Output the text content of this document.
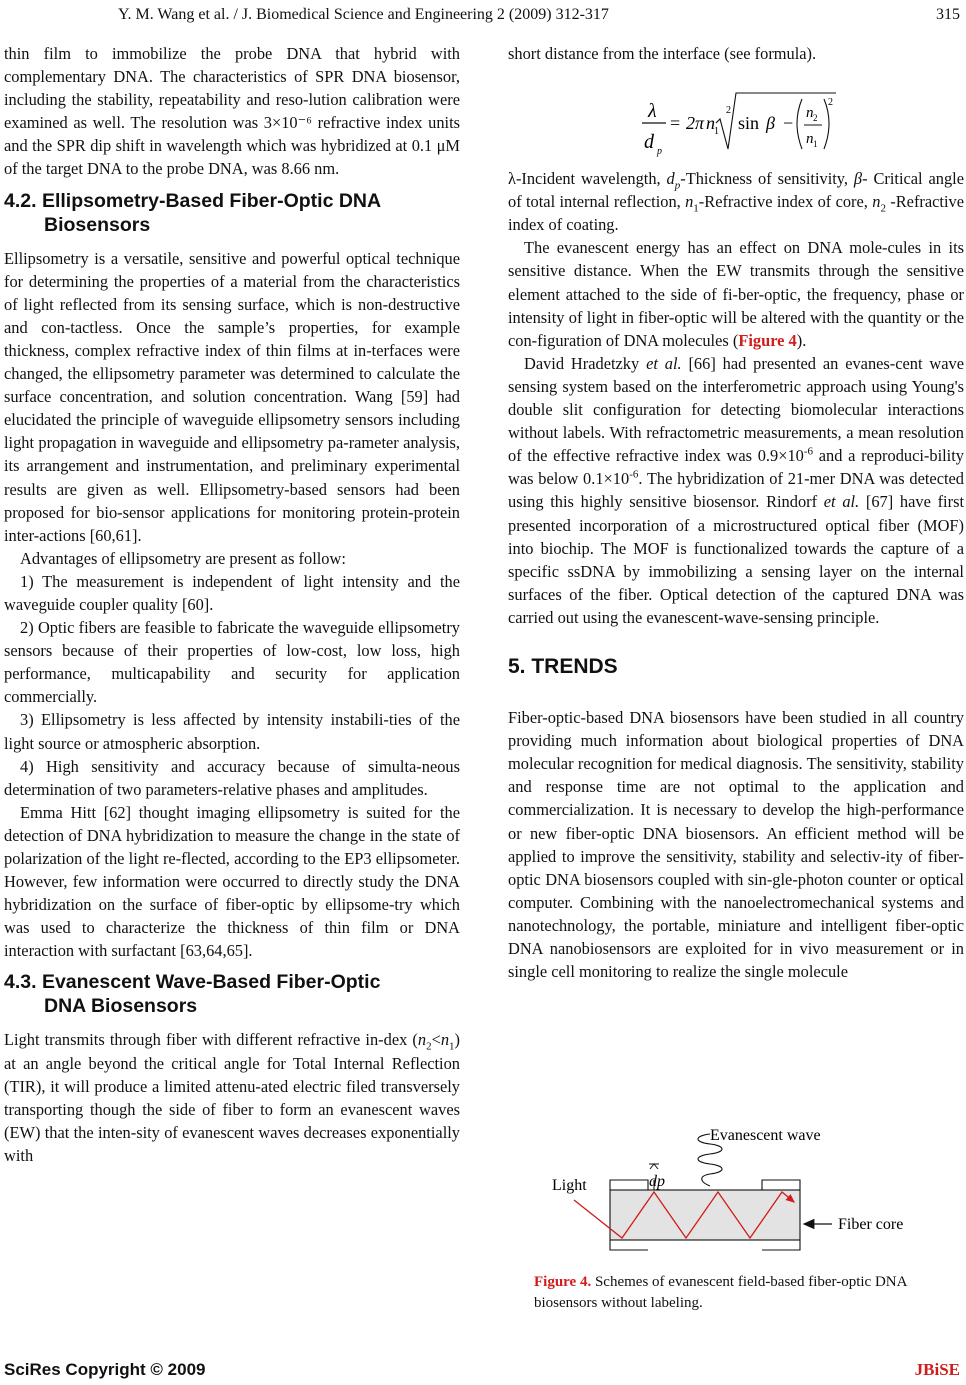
Y. M. Wang et al. / J. Biomedical Science and Engineering 2 (2009) 312-317	315

thin film to immobilize the probe DNA that hybrid with complementary DNA. The characteristics of SPR DNA biosensor, including the stability, repeatability and reso-lution calibration were examined as well. The resolution was 3×10⁻⁶ refractive index units and the SPR dip shift in wavelength which was hybridized at 0.1 μM of the target DNA to the probe DNA, was 8.66 nm.

4.2. Ellipsometry-Based Fiber-Optic DNA
Biosensors

Ellipsometry is a versatile, sensitive and powerful optical technique for determining the properties of a material from the characteristics of light reflected from its sensing surface, which is non-destructive and con-tactless. Once the sample’s properties, for example thickness, complex refractive index of thin films at in-terfaces were changed, the ellipsometry parameter was determined to calculate the surface concentration, and solution concentration. Wang [59] had elucidated the principle of waveguide ellipsometry sensors including light propagation in waveguide and ellipsometry pa-rameter analysis, its arrangement and instrumentation, and preliminary experimental results are given as well. Ellipsometry-based sensors had been proposed for bio-sensor applications for monitoring protein-protein inter-actions [60,61].

Advantages of ellipsometry are present as follow:

1) The measurement is independent of light intensity and the waveguide coupler quality [60].

2) Optic fibers are feasible to fabricate the waveguide ellipsometry sensors because of their properties of low-cost, low loss, high performance, multicapability and security for application commercially.

3) Ellipsometry is less affected by intensity instabili-ties of the light source or atmospheric absorption.

4) High sensitivity and accuracy because of simulta-neous determination of two parameters-relative phases and amplitudes.

Emma Hitt [62] thought imaging ellipsometry is suited for the detection of DNA hybridization to measure the change in the state of polarization of the light re-flected, according to the EP3 ellipsometer. However, few information were occurred to directly study the DNA hybridization on the surface of fiber-optic by ellipsome-try which was used to characterize the thickness of thin film or DNA interaction with surfactant [63,64,65].

4.3. Evanescent Wave-Based Fiber-Optic
DNA Biosensors

Light transmits through fiber with different refractive in-dex $(n_2<n_1)$ at an angle beyond the critical angle for Total Internal Reflection (TIR), it will produce a limited attenu-ated electric filed transversely transporting though the side of fiber to form an evanescent waves (EW) that the inten-sity of evanescent waves decreases exponentially with

short distance from the interface (see formula).

λ
d p
= 2π n 1
2
sin β − n 2
n 1
2

λ-Incident wavelength, $d_p$-Thickness of sensitivity, β- Critical angle of total internal reflection, $n_1$-Refractive index of core, $n_2$ -Refractive index of coating.

The evanescent energy has an effect on DNA mole-cules in its sensitive distance. When the EW transmits through the sensitive element attached to the side of fi-ber-optic, the frequency, phase or intensity of light in fiber-optic will be altered with the quantity or the con-figuration of DNA molecules (Figure 4).

David Hradetzky et al. [66] had presented an evanes-cent wave sensing system based on the interferometric approach using Young's double slit configuration for detecting biomolecular interactions without labels. With refractometric measurements, a mean resolution of the effective refractive index was $0.9\times 10^{-6}$ and a reproduci-bility was below $0.1\times 10^{-6}$. The hybridization of 21-mer DNA was detected using this highly sensitive biosensor. Rindorf et al. [67] have first presented incorporation of a microstructured optical fiber (MOF) into biochip. The MOF is functionalized towards the capture of a specific ssDNA by immobilizing a sensing layer on the internal surfaces of the fiber. Optical detection of the captured DNA was carried out using the evanescent-wave-sensing principle.

5. TRENDS

Fiber-optic-based DNA biosensors have been studied in all country providing much information about biological properties of DNA molecular recognition for medical diagnosis. The sensitivity, stability and response time are not optimal to the application and commercialization. It is necessary to develop the high-performance or new fiber-optic DNA biosensors. An efficient method will be applied to improve the sensitivity, stability and selectiv-ity of fiber-optic DNA biosensors coupled with sin-gle-photon counter or optical computer. Combining with the nanoelectromechanical systems and nanotechnology, the portable, miniature and intelligent fiber-optic DNA nanobiosensors are exploited for in vivo measurement or in single cell monitoring to realize the single molecule

Evanescent wave
dp
Light
Fiber core
Figure 4. Schemes of evanescent field-based fiber-optic DNA biosensors without labeling.
SciRes Copyright © 2009	JBiSE
